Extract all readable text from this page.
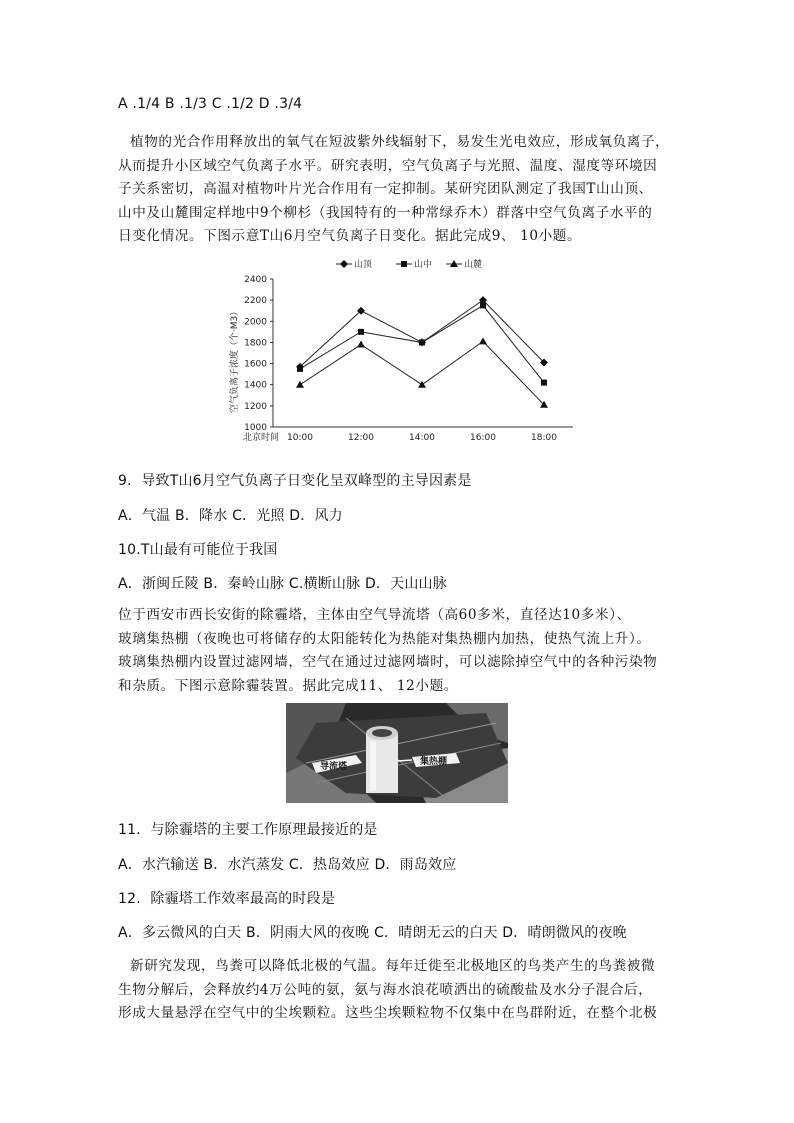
A .1/4 B .1/3 C .1/2 D .3/4
植物的光合作用释放出的氧气在短波紫外线辐射下，易发生光电效应，形成氧负离子，
从而提升小区域空气负离子水平。研究表明，空气负离子与光照、温度、湿度等环境因
子关系密切，高温对植物叶片光合作用有一定抑制。某研究团队测定了我国T山山顶、
山中及山麓围定样地中9个柳杉（我国特有的一种常绿乔木）群落中空气负离子水平的
日变化情况。下图示意T山6月空气负离子日变化。据此完成9、 10小题。
山顶	山中	山麓
空气负离子浓度（个·M3）
1000
1200
1400
1600
1800
2000
2200
2400
北京时间 10:00	12:00	14:00	16:00	18:00
9．导致T山6月空气负离子日变化呈双峰型的主导因素是
A．气温 B．降水 C．光照 D．风力
10.T山最有可能位于我国
A．浙闽丘陵 B．秦岭山脉 C.横断山脉 D．天山山脉
位于西安市西长安街的除霾塔，主体由空气导流塔（高60多米，直径达10多米）、
玻璃集热棚（夜晚也可将储存的太阳能转化为热能对集热棚内加热，使热气流上升）。
玻璃集热棚内设置过滤网墙，空气在通过过滤网墙时，可以滤除掉空气中的各种污染物
和杂质。下图示意除霾装置。据此完成11、 12小题。
导流塔	集热棚
11．与除霾塔的主要工作原理最接近的是
A．水汽输送 B．水汽蒸发 C．热岛效应 D．雨岛效应
12．除霾塔工作效率最高的时段是
A．多云微风的白天 B．阴雨大风的夜晚 C．晴朗无云的白天 D．晴朗微风的夜晚
新研究发现，鸟粪可以降低北极的气温。每年迁徙至北极地区的鸟类产生的鸟粪被微
生物分解后，会释放约4万公吨的氨，氨与海水浪花喷洒出的硫酸盐及水分子混合后，
形成大量悬浮在空气中的尘埃颗粒。这些尘埃颗粒物不仅集中在鸟群附近，在整个北极
